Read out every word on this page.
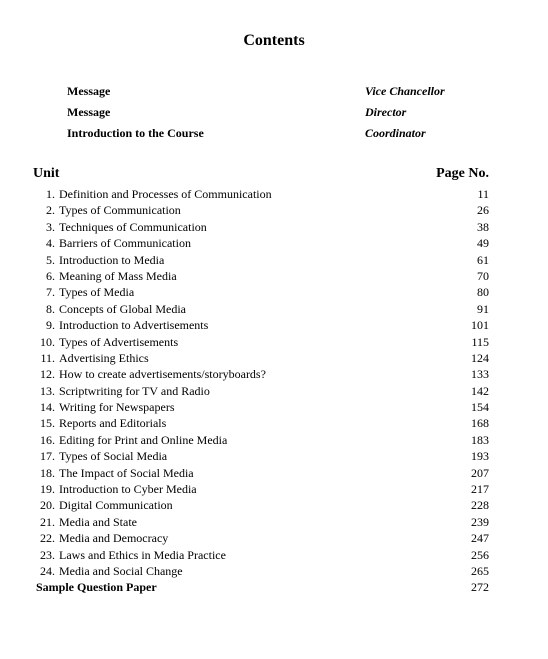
Contents
Message	Vice Chancellor
Message	Director
Introduction to the Course	Coordinator
Unit	Page No.
1. Definition and Processes of Communication	11
2. Types of Communication	26
3. Techniques of Communication	38
4. Barriers of Communication	49
5. Introduction to Media	61
6. Meaning of Mass Media	70
7. Types of Media	80
8. Concepts of Global Media	91
9. Introduction to Advertisements	101
10. Types of Advertisements	115
11. Advertising Ethics	124
12. How to create advertisements/storyboards?	133
13. Scriptwriting for TV and Radio	142
14. Writing for Newspapers	154
15. Reports and Editorials	168
16. Editing for Print and Online Media	183
17. Types of Social Media	193
18. The Impact of Social Media	207
19. Introduction to Cyber Media	217
20. Digital Communication	228
21. Media and State	239
22. Media and Democracy	247
23. Laws and Ethics in Media Practice	256
24. Media and Social Change	265
Sample Question Paper	272
